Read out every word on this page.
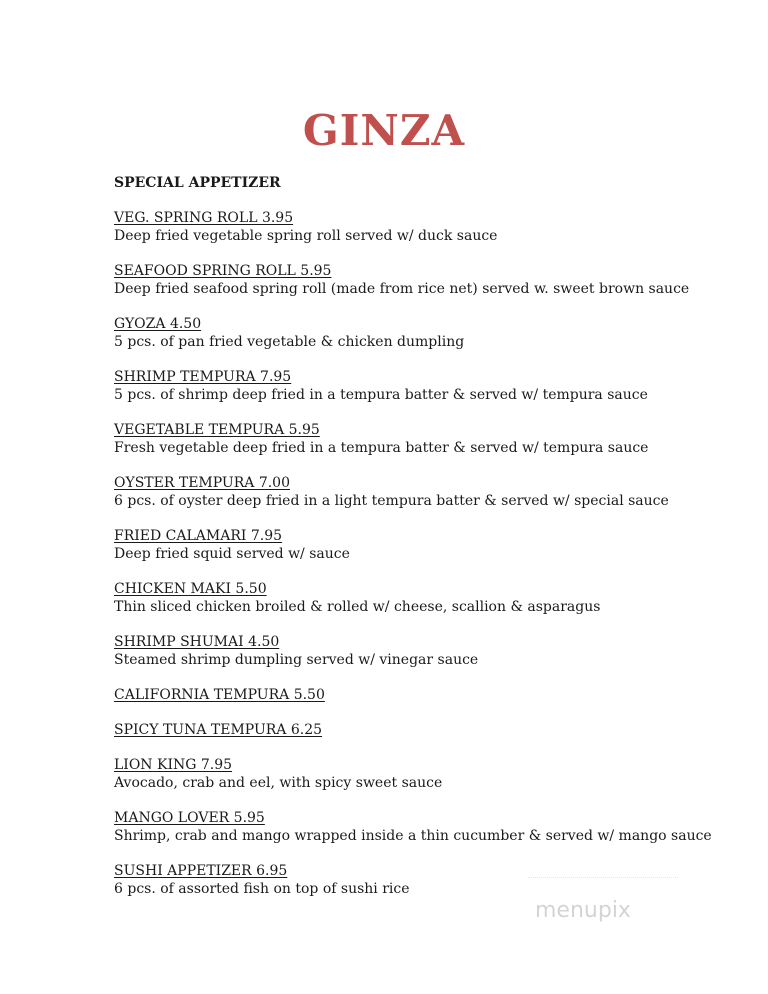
GINZA
SPECIAL APPETIZER
VEG. SPRING ROLL 3.95
Deep fried vegetable spring roll served w/ duck sauce
SEAFOOD SPRING ROLL 5.95
Deep fried seafood spring roll (made from rice net) served w. sweet brown sauce
GYOZA 4.50
5 pcs. of pan fried vegetable & chicken dumpling
SHRIMP TEMPURA 7.95
5 pcs. of shrimp deep fried in a tempura batter & served w/ tempura sauce
VEGETABLE TEMPURA 5.95
Fresh vegetable deep fried in a tempura batter & served w/ tempura sauce
OYSTER TEMPURA 7.00
6 pcs. of oyster deep fried in a light tempura batter & served w/ special sauce
FRIED CALAMARI 7.95
Deep fried squid served w/ sauce
CHICKEN MAKI 5.50
Thin sliced chicken broiled & rolled w/ cheese, scallion & asparagus
SHRIMP SHUMAI 4.50
Steamed shrimp dumpling served w/ vinegar sauce
CALIFORNIA TEMPURA 5.50
SPICY TUNA TEMPURA 6.25
LION KING 7.95
Avocado, crab and eel, with spicy sweet sauce
MANGO LOVER 5.95
Shrimp, crab and mango wrapped inside a thin cucumber & served w/ mango sauce
SUSHI APPETIZER 6.95
6 pcs. of assorted fish on top of sushi rice
menupix
